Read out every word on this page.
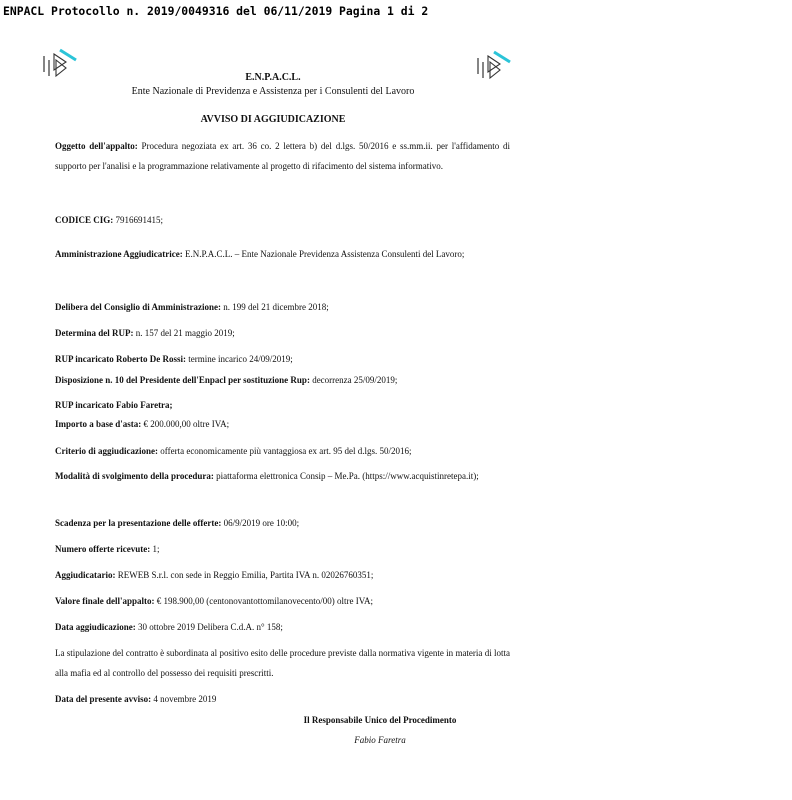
ENPACL Protocollo n. 2019/0049316 del 06/11/2019 Pagina 1 di 2
E.N.P.A.C.L.
Ente Nazionale di Previdenza e Assistenza per i Consulenti del Lavoro
AVVISO DI AGGIUDICAZIONE
Oggetto dell'appalto: Procedura negoziata ex art. 36 co. 2 lettera b) del d.lgs. 50/2016 e ss.mm.ii. per l'affidamento di supporto per l'analisi e la programmazione relativamente al progetto di rifacimento del sistema informativo.
CODICE CIG: 7916691415;
Amministrazione Aggiudicatrice: E.N.P.A.C.L. – Ente Nazionale Previdenza Assistenza Consulenti del Lavoro;
Delibera del Consiglio di Amministrazione: n. 199 del 21 dicembre 2018;
Determina del RUP: n. 157 del 21 maggio 2019;
RUP incaricato Roberto De Rossi: termine incarico 24/09/2019;
Disposizione n. 10 del Presidente dell'Enpacl per sostituzione Rup: decorrenza 25/09/2019;
RUP incaricato Fabio Faretra;
Importo a base d'asta: € 200.000,00 oltre IVA;
Criterio di aggiudicazione: offerta economicamente più vantaggiosa ex art. 95 del d.lgs. 50/2016;
Modalità di svolgimento della procedura: piattaforma elettronica Consip – Me.Pa. (https://www.acquistinretepa.it);
Scadenza per la presentazione delle offerte: 06/9/2019 ore 10:00;
Numero offerte ricevute: 1;
Aggiudicatario: REWEB S.r.l. con sede in Reggio Emilia, Partita IVA n. 02026760351;
Valore finale dell'appalto: € 198.900,00 (centonovantottomilanovecento/00) oltre IVA;
Data aggiudicazione: 30 ottobre 2019 Delibera C.d.A. n° 158;
La stipulazione del contratto è subordinata al positivo esito delle procedure previste dalla normativa vigente in materia di lotta alla mafia ed al controllo del possesso dei requisiti prescritti.
Data del presente avviso: 4 novembre 2019
Il Responsabile Unico del Procedimento
Fabio Faretra
